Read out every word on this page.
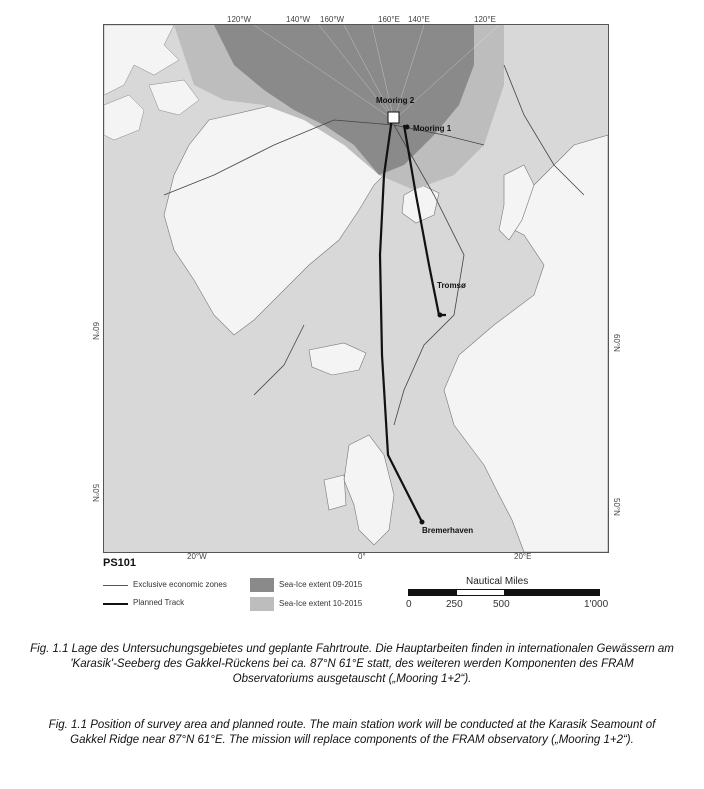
Mooring 2
Mooring 1
Tromsø
Bremerhaven
120°W	140°W 160°W	160°E 140°E	120°E
20°W	0°	20°E
60°N
50°N
60°N
50°N
PS101
Exclusive economic zones
Planned Track
Sea-Ice extent 09-2015
Sea-Ice extent 10-2015
Nautical Miles
0	250	500	1'000
Fig. 1.1 Lage des Untersuchungsgebietes und geplante Fahrtroute. Die Hauptarbeiten finden in internationalen Gewässern am 'Karasik'-Seeberg des Gakkel-Rückens bei ca. 87°N 61°E statt, des weiteren werden Komponenten des FRAM Observatoriums ausgetauscht („Mooring 1+2“).
Fig. 1.1 Position of survey area and planned route. The main station work will be conducted at the Karasik Seamount of Gakkel Ridge near 87°N 61°E. The mission will replace components of the FRAM observatory („Mooring 1+2“).
